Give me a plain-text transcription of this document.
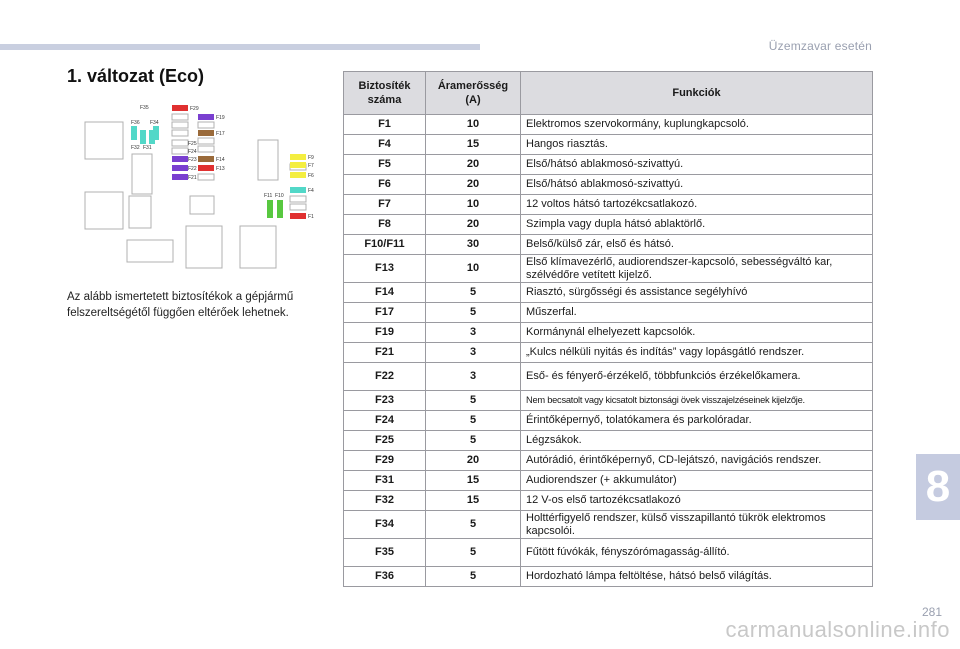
Üzemzavar esetén
1. változat (Eco)
F35	F29
F19
F36 F34
F17
F32 F31
F25
F24
F23	F14
F22	F13
F21
F9
F7
F6
F4
F11 F10
F1

Az alább ismertetett biztosítékok a gépjármű felszereltségétől függően eltérőek lehetnek.

Biztosíték száma	Áramerősség (A)	Funkciók
F1	10	Elektromos szervokormány, kuplungkapcsoló.
F4	15	Hangos riasztás.
F5	20	Első/hátsó ablakmosó-szivattyú.
F6	20	Első/hátsó ablakmosó-szivattyú.
F7	10	12 voltos hátsó tartozékcsatlakozó.
F8	20	Szimpla vagy dupla hátsó ablaktörlő.
F10/F11	30	Belső/külső zár, első és hátsó.
F13	10	Első klímavezérlő, audiorendszer-kapcsoló, sebességváltó kar, szélvédőre vetített kijelző.
F14	5	Riasztó, sürgősségi és assistance segélyhívó
F17	5	Műszerfal.
F19	3	Kormánynál elhelyezett kapcsolók.
F21	3	„Kulcs nélküli nyitás és indítás” vagy lopásgátló rendszer.
F22	3	Eső- és fényerő-érzékelő, többfunkciós érzékelőkamera.
F23	5	Nem becsatolt vagy kicsatolt biztonsági övek visszajelzéseinek kijelzője.
F24	5	Érintőképernyő, tolatókamera és parkolóradar.
F25	5	Légzsákok.
F29	20	Autórádió, érintőképernyő, CD-lejátszó, navigációs rendszer.
F31	15	Audiorendszer (+ akkumulátor)
F32	15	12 V-os első tartozékcsatlakozó
F34	5	Holttérfigyelő rendszer, külső visszapillantó tükrök elektromos kapcsolói.
F35	5	Fűtött fúvókák, fényszórómagasság-állító.
F36	5	Hordozható lámpa feltöltése, hátsó belső világítás.
8
281
carmanualsonline.info
